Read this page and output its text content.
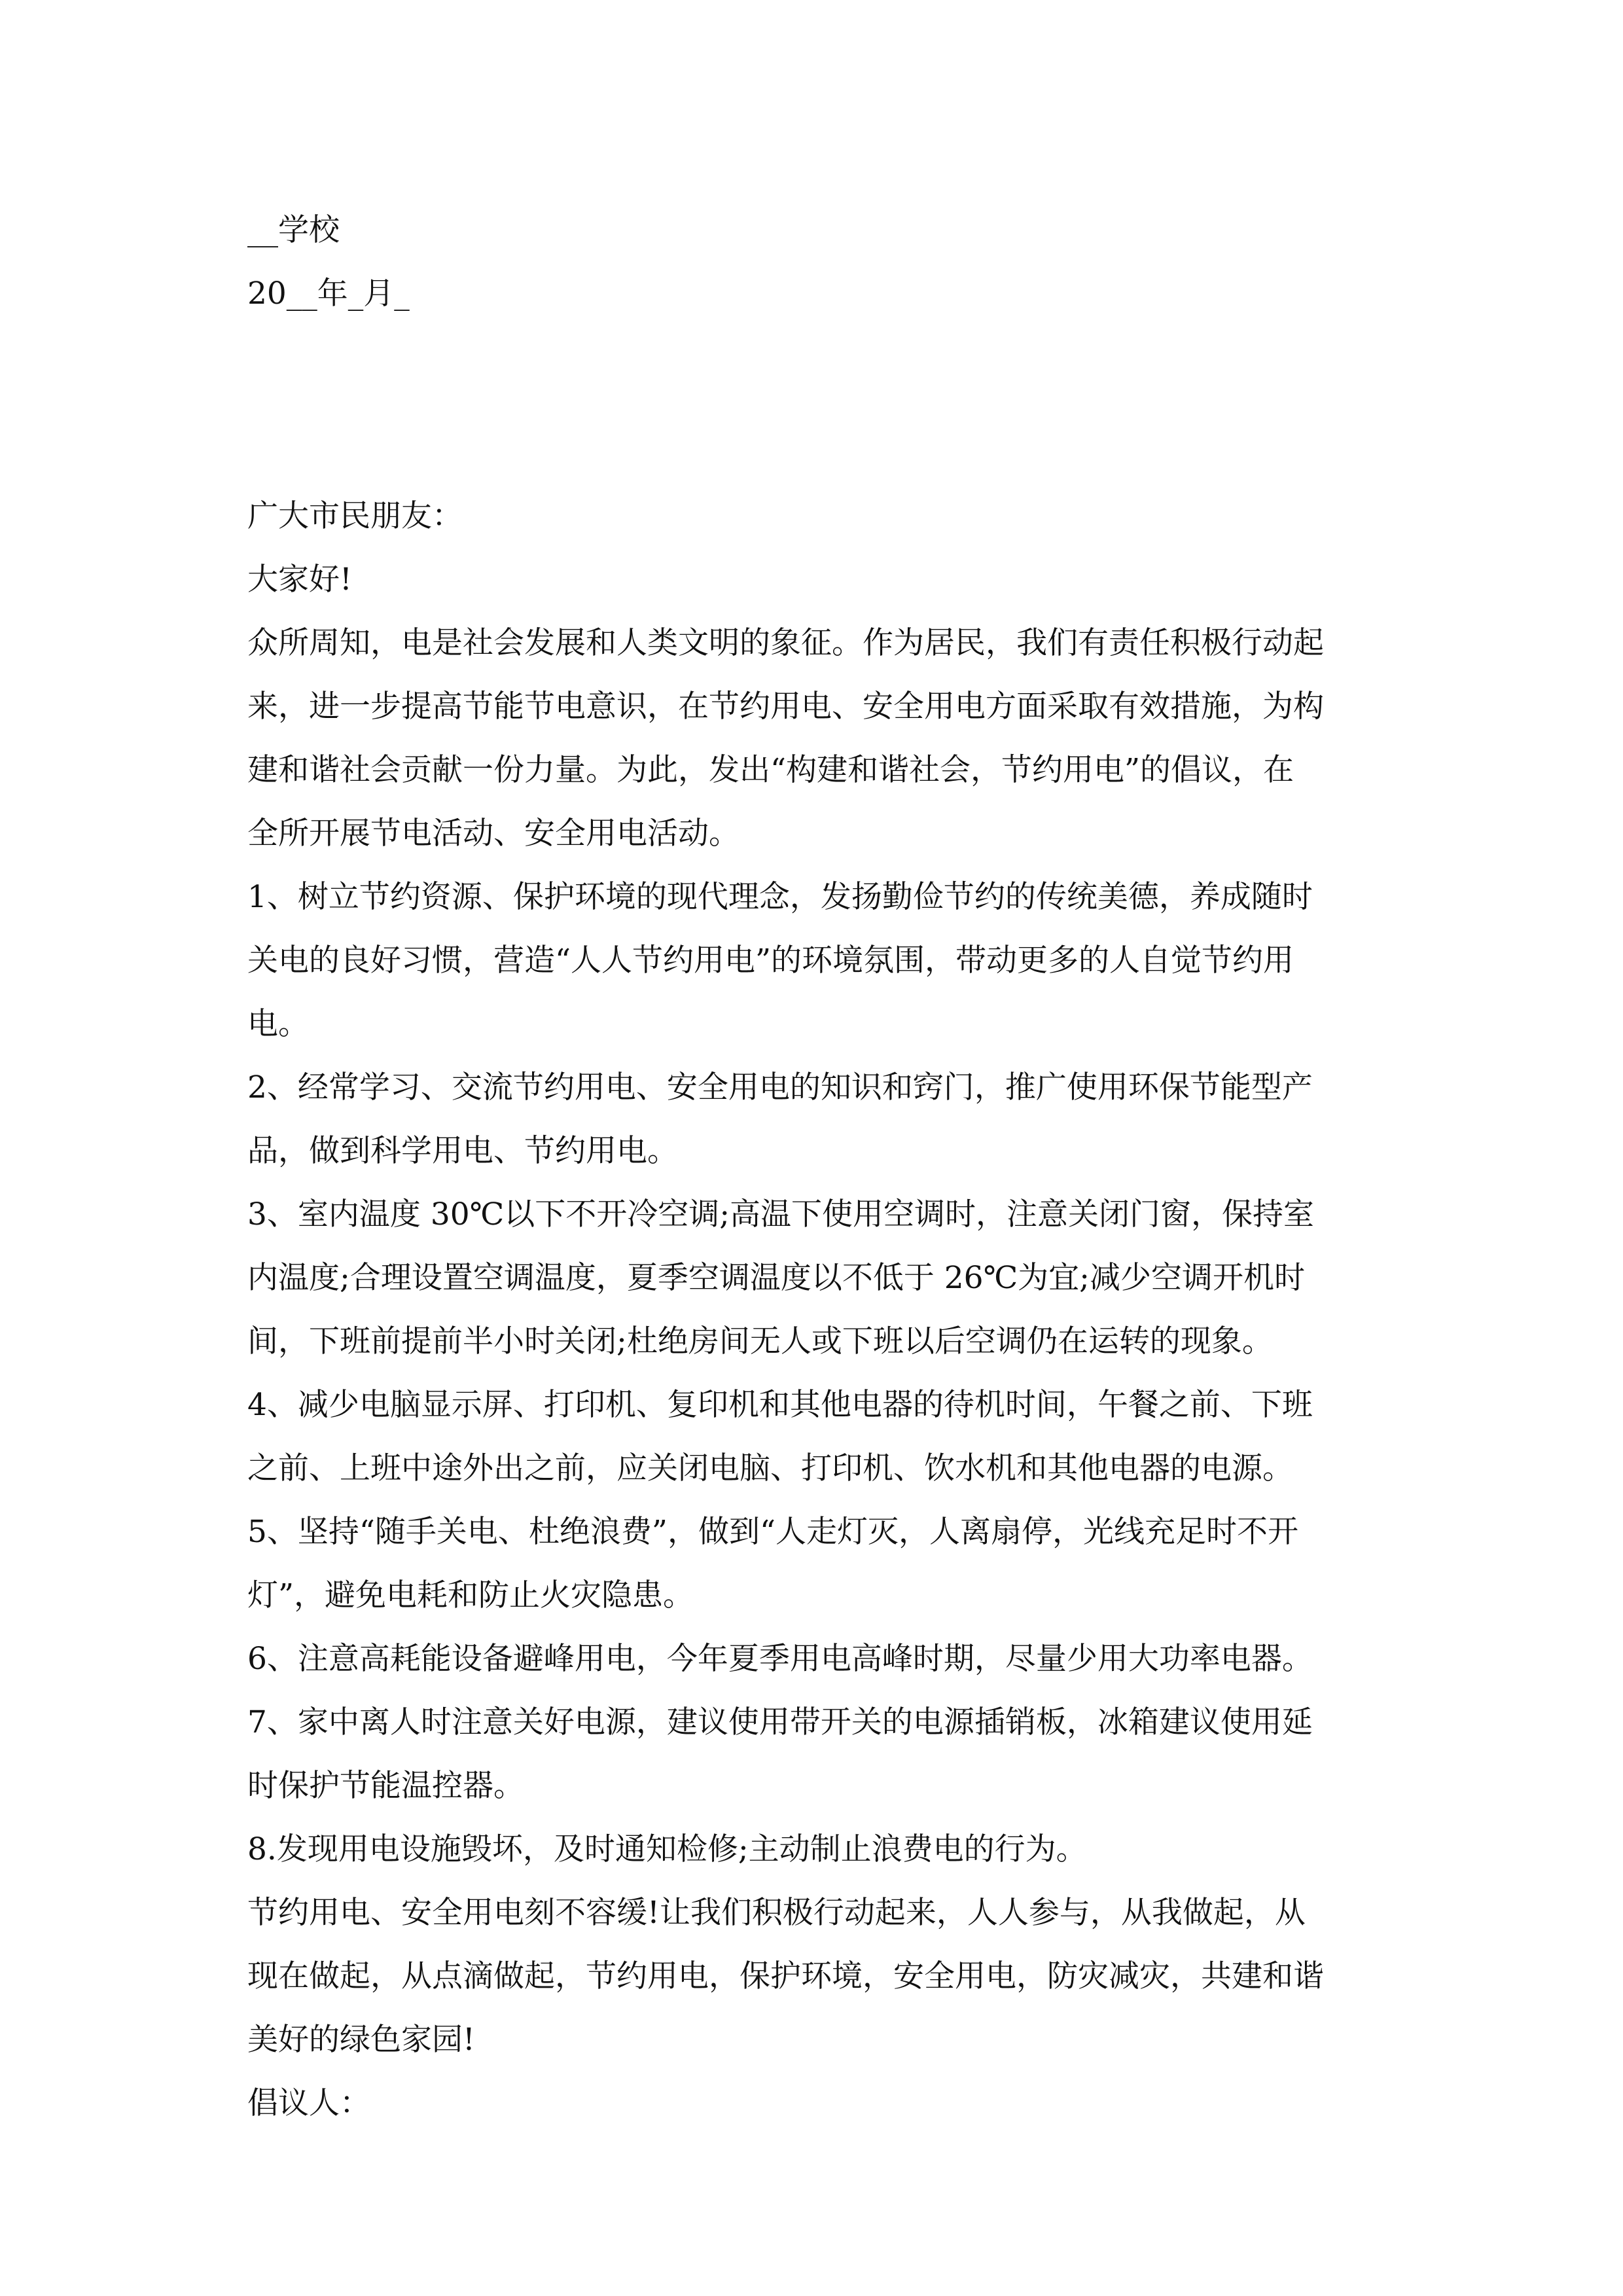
__学校
20__年_月_
广大市民朋友：
大家好!
众所周知，电是社会发展和人类文明的象征。作为居民，我们有责任积极行动起
来，进一步提高节能节电意识，在节约用电、安全用电方面采取有效措施，为构
建和谐社会贡献一份力量。为此，发出“构建和谐社会，节约用电”的倡议，在
全所开展节电活动、安全用电活动。
1、树立节约资源、保护环境的现代理念，发扬勤俭节约的传统美德，养成随时
关电的良好习惯，营造“人人节约用电”的环境氛围，带动更多的人自觉节约用
电。
2、经常学习、交流节约用电、安全用电的知识和窍门，推广使用环保节能型产
品，做到科学用电、节约用电。
3、室内温度 30℃以下不开冷空调;高温下使用空调时，注意关闭门窗，保持室
内温度;合理设置空调温度，夏季空调温度以不低于 26℃为宜;减少空调开机时
间，下班前提前半小时关闭;杜绝房间无人或下班以后空调仍在运转的现象。
4、减少电脑显示屏、打印机、复印机和其他电器的待机时间，午餐之前、下班
之前、上班中途外出之前，应关闭电脑、打印机、饮水机和其他电器的电源。
5、坚持“随手关电、杜绝浪费”，做到“人走灯灭，人离扇停，光线充足时不开
灯”，避免电耗和防止火灾隐患。
6、注意高耗能设备避峰用电，今年夏季用电高峰时期，尽量少用大功率电器。
7、家中离人时注意关好电源，建议使用带开关的电源插销板，冰箱建议使用延
时保护节能温控器。
8.发现用电设施毁坏，及时通知检修;主动制止浪费电的行为。
节约用电、安全用电刻不容缓!让我们积极行动起来，人人参与，从我做起，从
现在做起，从点滴做起，节约用电，保护环境，安全用电，防灾减灾，共建和谐
美好的绿色家园!
倡议人：
